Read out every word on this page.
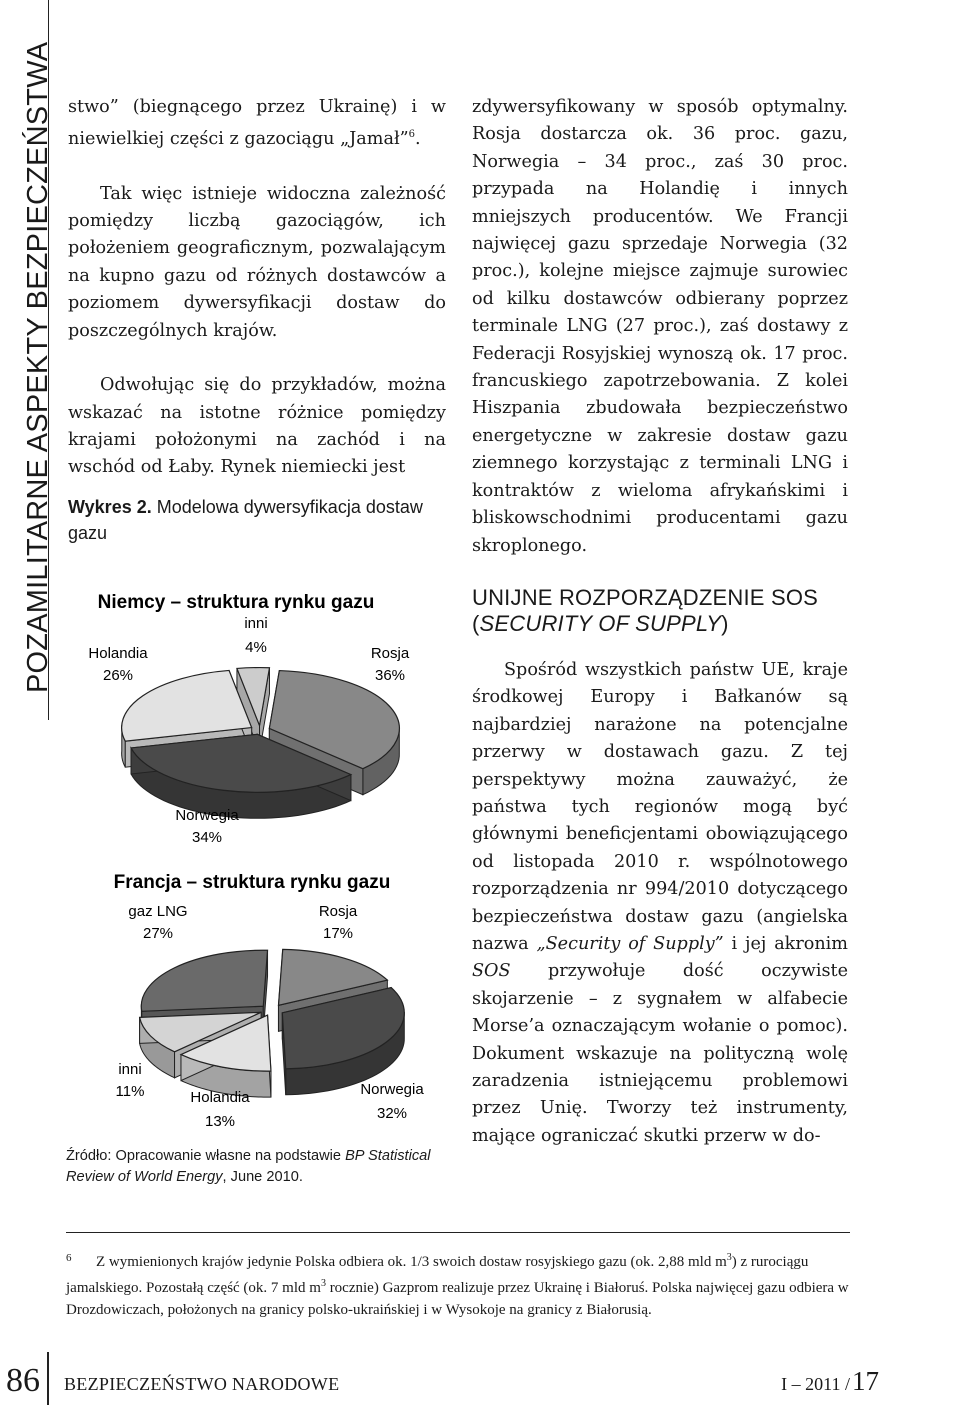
POZAMILITARNE ASPEKTY BEZPIECZEŃSTWA stwo” (biegnącego przez Ukrainę) i w niewielkiej części z gazociągu „Jamał”$^6$.

Tak więc istnieje widoczna zależność pomiędzy liczbą gazociągów, ich położeniem geograficznym, pozwalającym na kupno gazu od różnych dostawców a poziomem dywersyfikacji dostaw do poszczególnych krajów.

Odwołując się do przykładów, można wskazać na istotne różnice pomiędzy krajami położonymi na zachód i na wschód od Łaby. Rynek niemiecki jest

Wykres 2. Modelowa dywersyfikacja dostaw gazu
Niemcy – struktura rynku gazu
inni
4%	Rosja
36%
Norwegia
34%
Holandia
26%
Francja – struktura rynku gazu
Rosja
17%
Norwegia
32%
Holandia
13%
inni
11%
gaz LNG
27%
Źródło: Opracowanie własne na podstawie BP Statistical Review of World Energy, June 2010.

zdywersyfikowany w sposób optymalny. Rosja dostarcza ok. 36 proc. gazu, Norwegia – 34 proc., zaś 30 proc. przypada na Holandię i innych mniejszych producentów. We Francji najwięcej gazu sprzedaje Norwegia (32 proc.), kolejne miejsce zajmuje surowiec od kilku dostawców odbierany poprzez terminale LNG (27 proc.), zaś dostawy z Federacji Rosyjskiej wynoszą ok. 17 proc. francuskiego zapotrzebowania. Z kolei Hiszpania zbudowała bezpieczeństwo energetyczne w zakresie dostaw gazu ziemnego korzystając z terminali LNG i kontraktów z wieloma afrykańskimi i bliskowschodnimi producentami gazu skroplonego.

UNIJNE ROZPORZĄDZENIE SOS
(SECURITY OF SUPPLY)

Spośród wszystkich państw UE, kraje środkowej Europy i Bałkanów są najbardziej narażone na potencjalne przerwy w dostawach gazu. Z tej perspektywy można zauważyć, że państwa tych regionów mogą być głównymi beneficjentami obowiązującego od listopada 2010 r. wspólnotowego rozporządzenia nr 994/2010 dotyczącego bezpieczeństwa dostaw gazu (angielska nazwa „Security of Supply” i jej akronim SOS przywołuje dość oczywiste skojarzenie – z sygnałem w alfabecie Morse’a oznaczającym wołanie o pomoc). Dokument wskazuje na polityczną wolę zaradzenia istniejącemu problemowi przez Unię. Tworzy też instrumenty, mające ograniczać skutki przerw w do-

6 Z wymienionych krajów jedynie Polska odbiera ok. 1/3 swoich dostaw rosyjskiego gazu (ok. 2,88 mld $m^3$) z rurociągu jamalskiego. Pozostałą część (ok. 7 mld $m^3$ rocznie) Gazprom realizuje przez Ukrainę i Białoruś. Polska najwięcej gazu odbiera w Drozdowiczach, położonych na granicy polsko-ukraińskiej i w Wysokoje na granicy z Białorusią.
86 BEZPIECZEŃSTWO NARODOWE	I – 2011 / 17
